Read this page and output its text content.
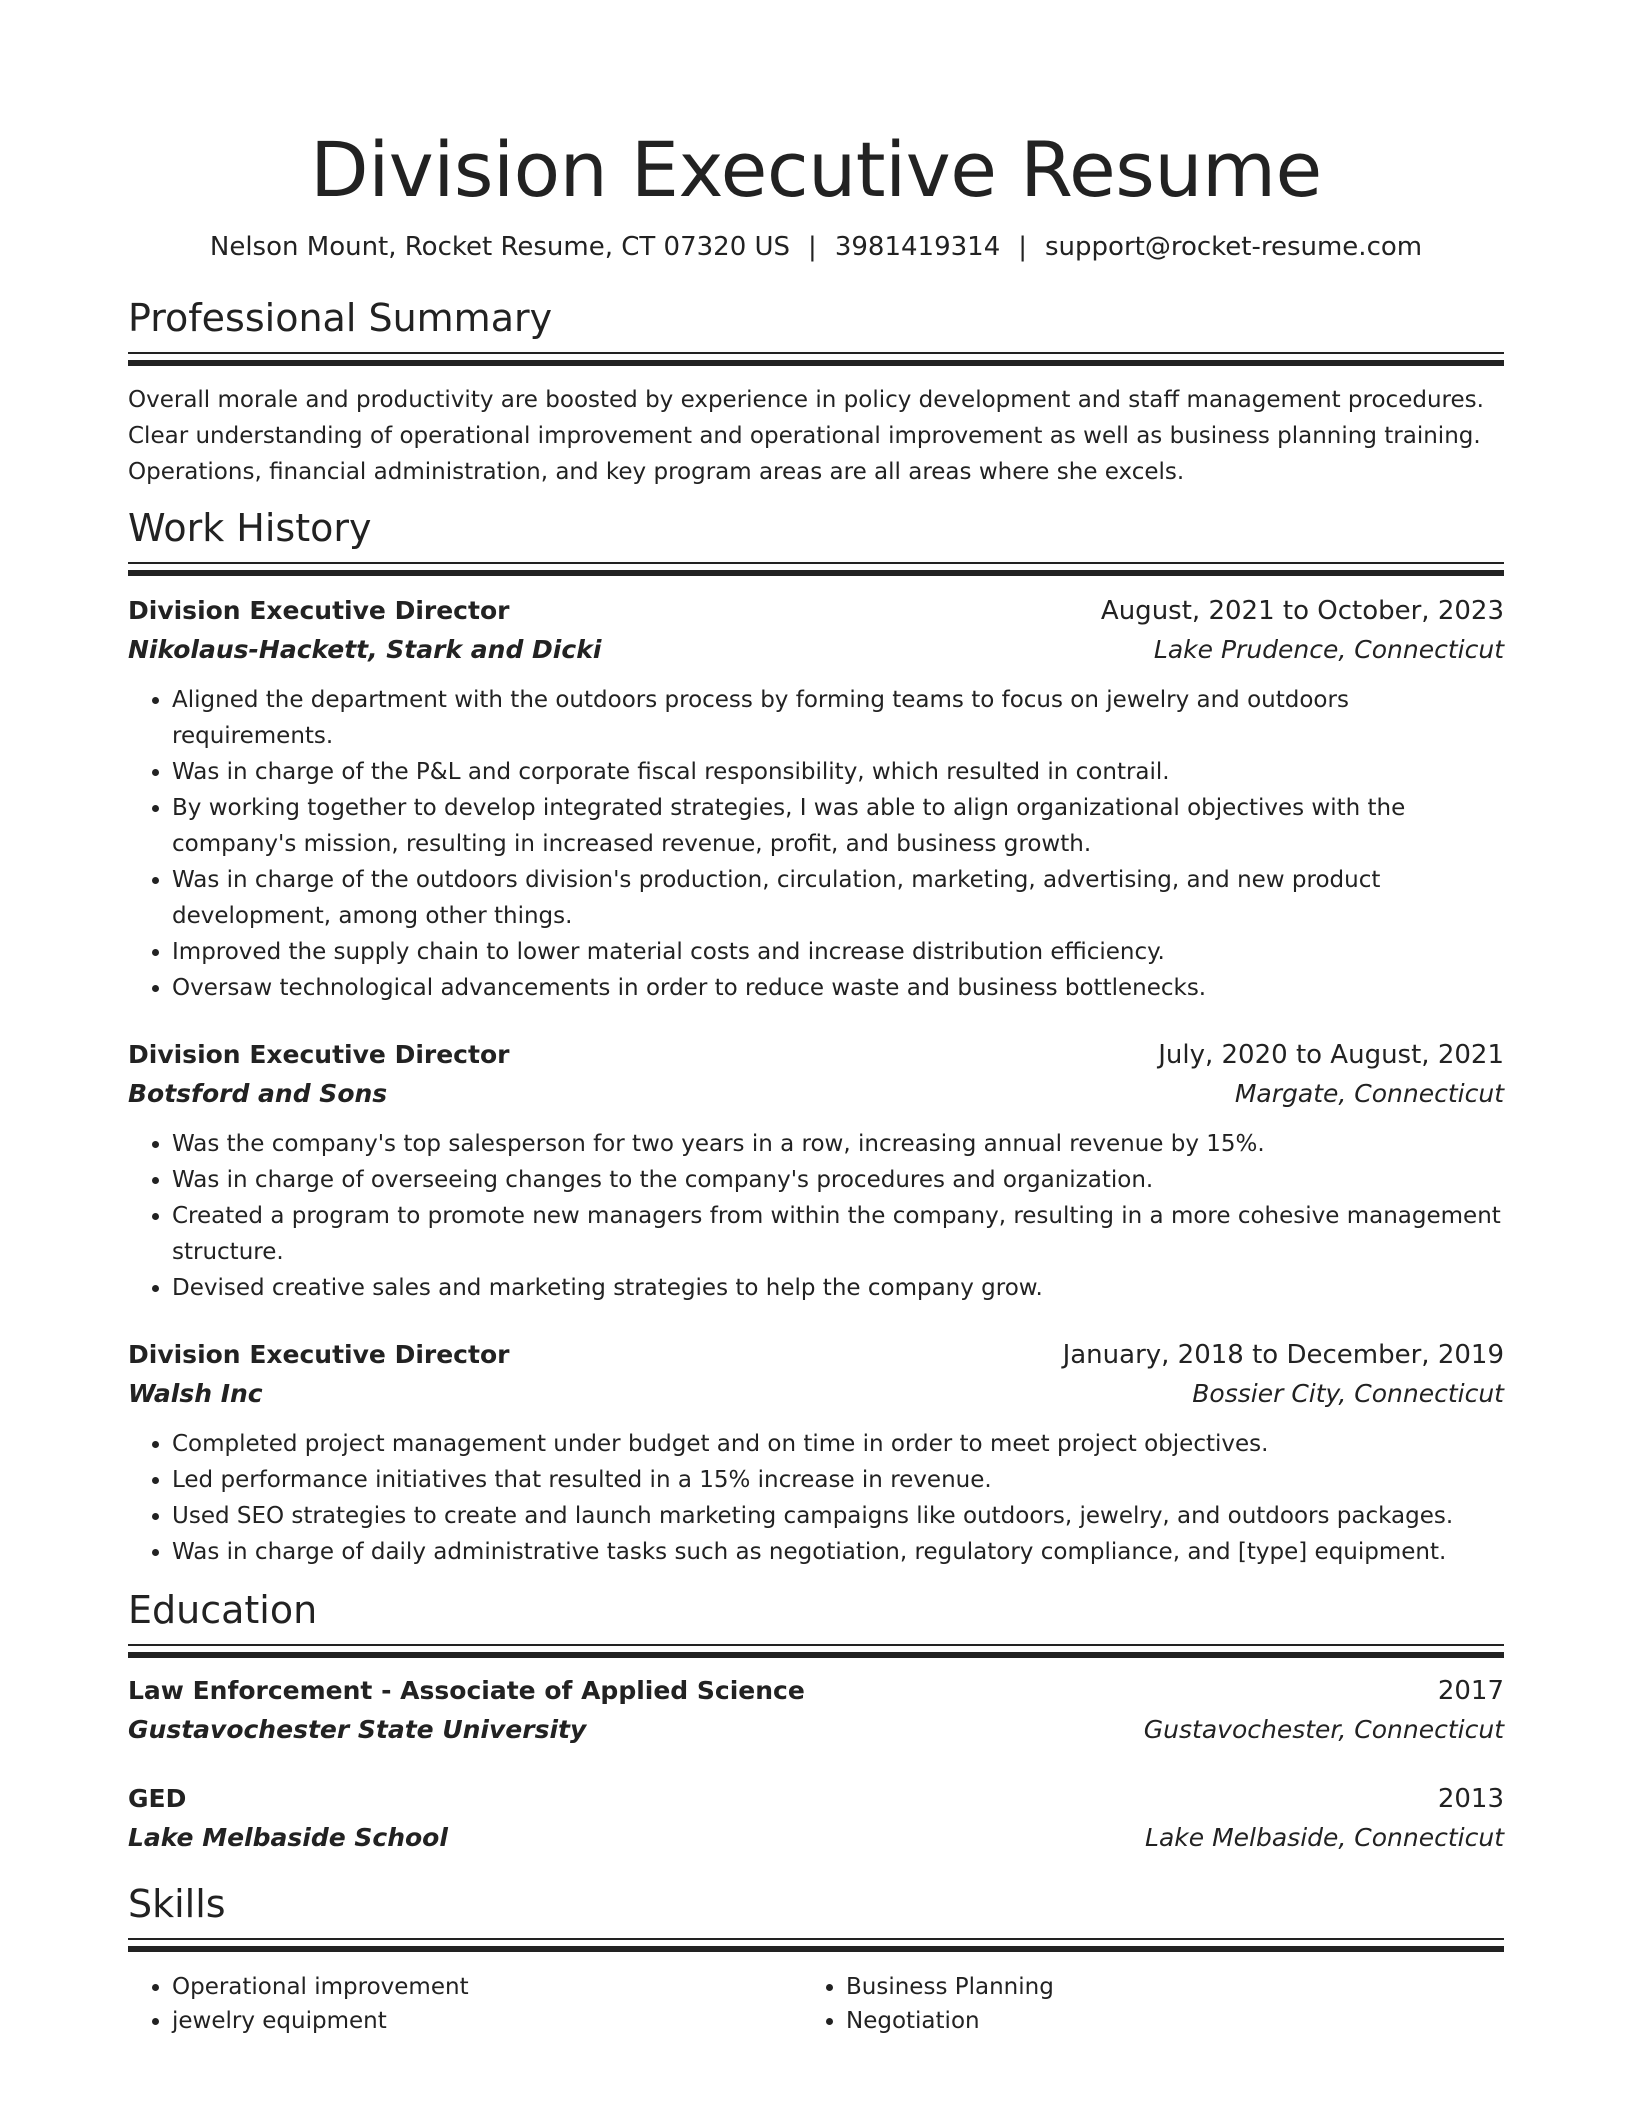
Division Executive Resume
Nelson Mount, Rocket Resume, CT 07320 US | 3981419314 | support@rocket-resume.com
Professional Summary

Overall morale and productivity are boosted by experience in policy development and staff management procedures. Clear understanding of operational improvement and operational improvement as well as business planning training. Operations, financial administration, and key program areas are all areas where she excels.

Work History
Division Executive Director	August, 2021 to October, 2023
Nikolaus-Hackett, Stark and Dicki	Lake Prudence, Connecticut
• Aligned the department with the outdoors process by forming teams to focus on jewelry and outdoors requirements.
• Was in charge of the P&L and corporate fiscal responsibility, which resulted in contrail.
• By working together to develop integrated strategies, I was able to align organizational objectives with the company's mission, resulting in increased revenue, profit, and business growth.
• Was in charge of the outdoors division's production, circulation, marketing, advertising, and new product development, among other things.
• Improved the supply chain to lower material costs and increase distribution efficiency.
• Oversaw technological advancements in order to reduce waste and business bottlenecks.
Division Executive Director	July, 2020 to August, 2021
Botsford and Sons	Margate, Connecticut
• Was the company's top salesperson for two years in a row, increasing annual revenue by 15%.
• Was in charge of overseeing changes to the company's procedures and organization.
• Created a program to promote new managers from within the company, resulting in a more cohesive management structure.
• Devised creative sales and marketing strategies to help the company grow.
Division Executive Director	January, 2018 to December, 2019
Walsh Inc	Bossier City, Connecticut
• Completed project management under budget and on time in order to meet project objectives.
• Led performance initiatives that resulted in a 15% increase in revenue.
• Used SEO strategies to create and launch marketing campaigns like outdoors, jewelry, and outdoors packages.
• Was in charge of daily administrative tasks such as negotiation, regulatory compliance, and [type] equipment.
Education
Law Enforcement - Associate of Applied Science	2017
Gustavochester State University	Gustavochester, Connecticut
GED	2013
Lake Melbaside School	Lake Melbaside, Connecticut
Skills
• Operational improvement
• jewelry equipment
• Business Planning
• Negotiation
